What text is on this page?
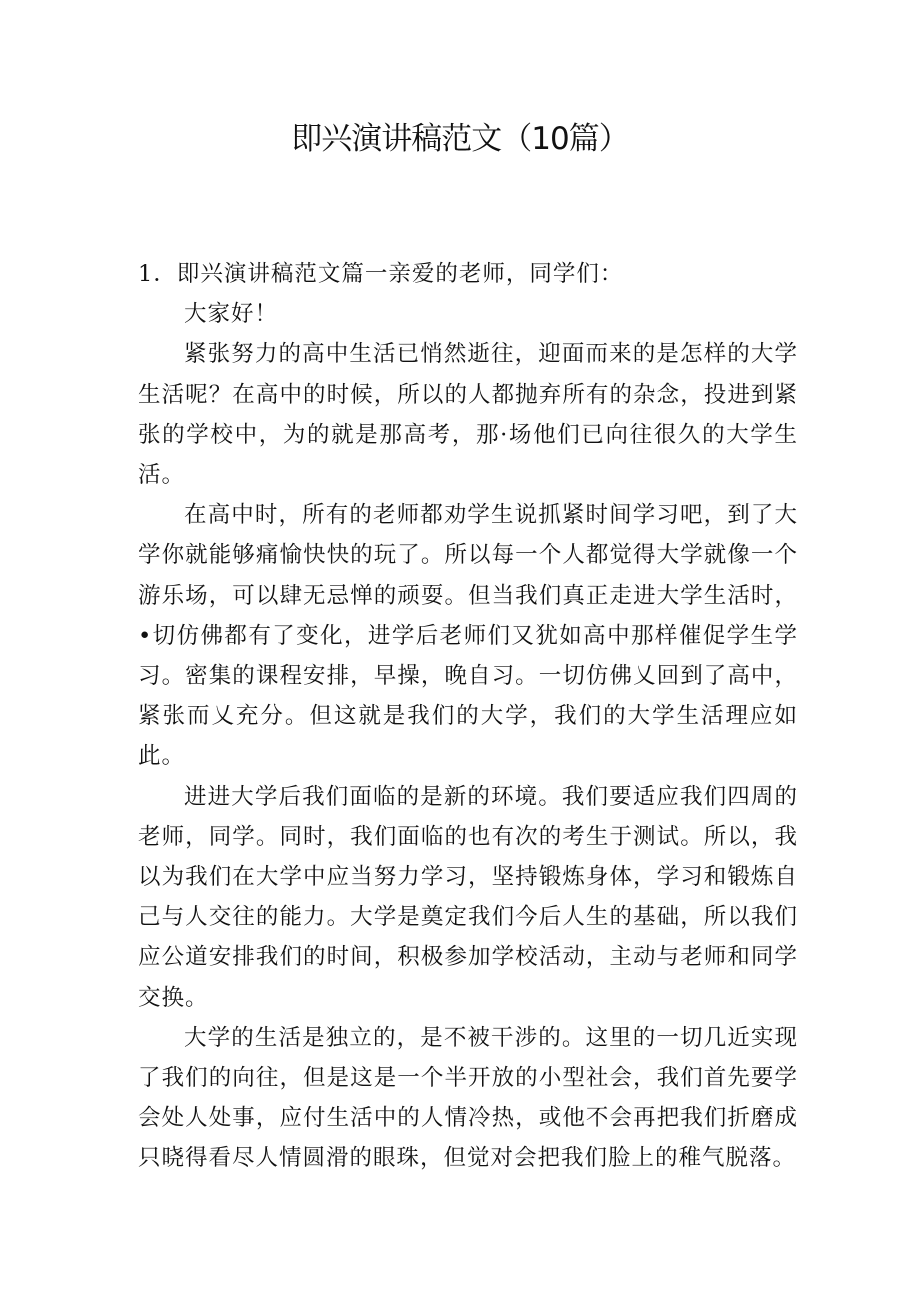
即兴演讲稿范文（10篇）

1．即兴演讲稿范文篇一亲爱的老师，同学们：

大家好！

紧张努力的高中生活已悄然逝往，迎面而来的是怎样的大学生活呢？在高中的时候，所以的人都抛弃所有的杂念，投进到紧张的学校中，为的就是那高考，那·场他们已向往很久的大学生活。

在高中时，所有的老师都劝学生说抓紧时间学习吧，到了大学你就能够痛愉快快的玩了。所以每一个人都觉得大学就像一个游乐场，可以肆无忌惮的顽耍。但当我们真正走进大学生活时，•切仿佛都有了变化，进学后老师们又犹如高中那样催促学生学习。密集的课程安排，早操，晚自习。一切仿佛乂回到了高中，紧张而乂充分。但这就是我们的大学，我们的大学生活理应如此。

进进大学后我们面临的是新的环境。我们要适应我们四周的老师，同学。同时，我们面临的也有次的考生于测试。所以，我以为我们在大学中应当努力学习，坚持锻炼身体，学习和锻炼自己与人交往的能力。大学是奠定我们今后人生的基础，所以我们应公道安排我们的时间，积极参加学校活动，主动与老师和同学交换。

大学的生活是独立的，是不被干涉的。这里的一切几近实现了我们的向往，但是这是一个半开放的小型社会，我们首先要学会处人处事，应付生活中的人情冷热，或他不会再把我们折磨成只晓得看尽人情圆滑的眼珠，但觉对会把我们脸上的稚气脱落。
